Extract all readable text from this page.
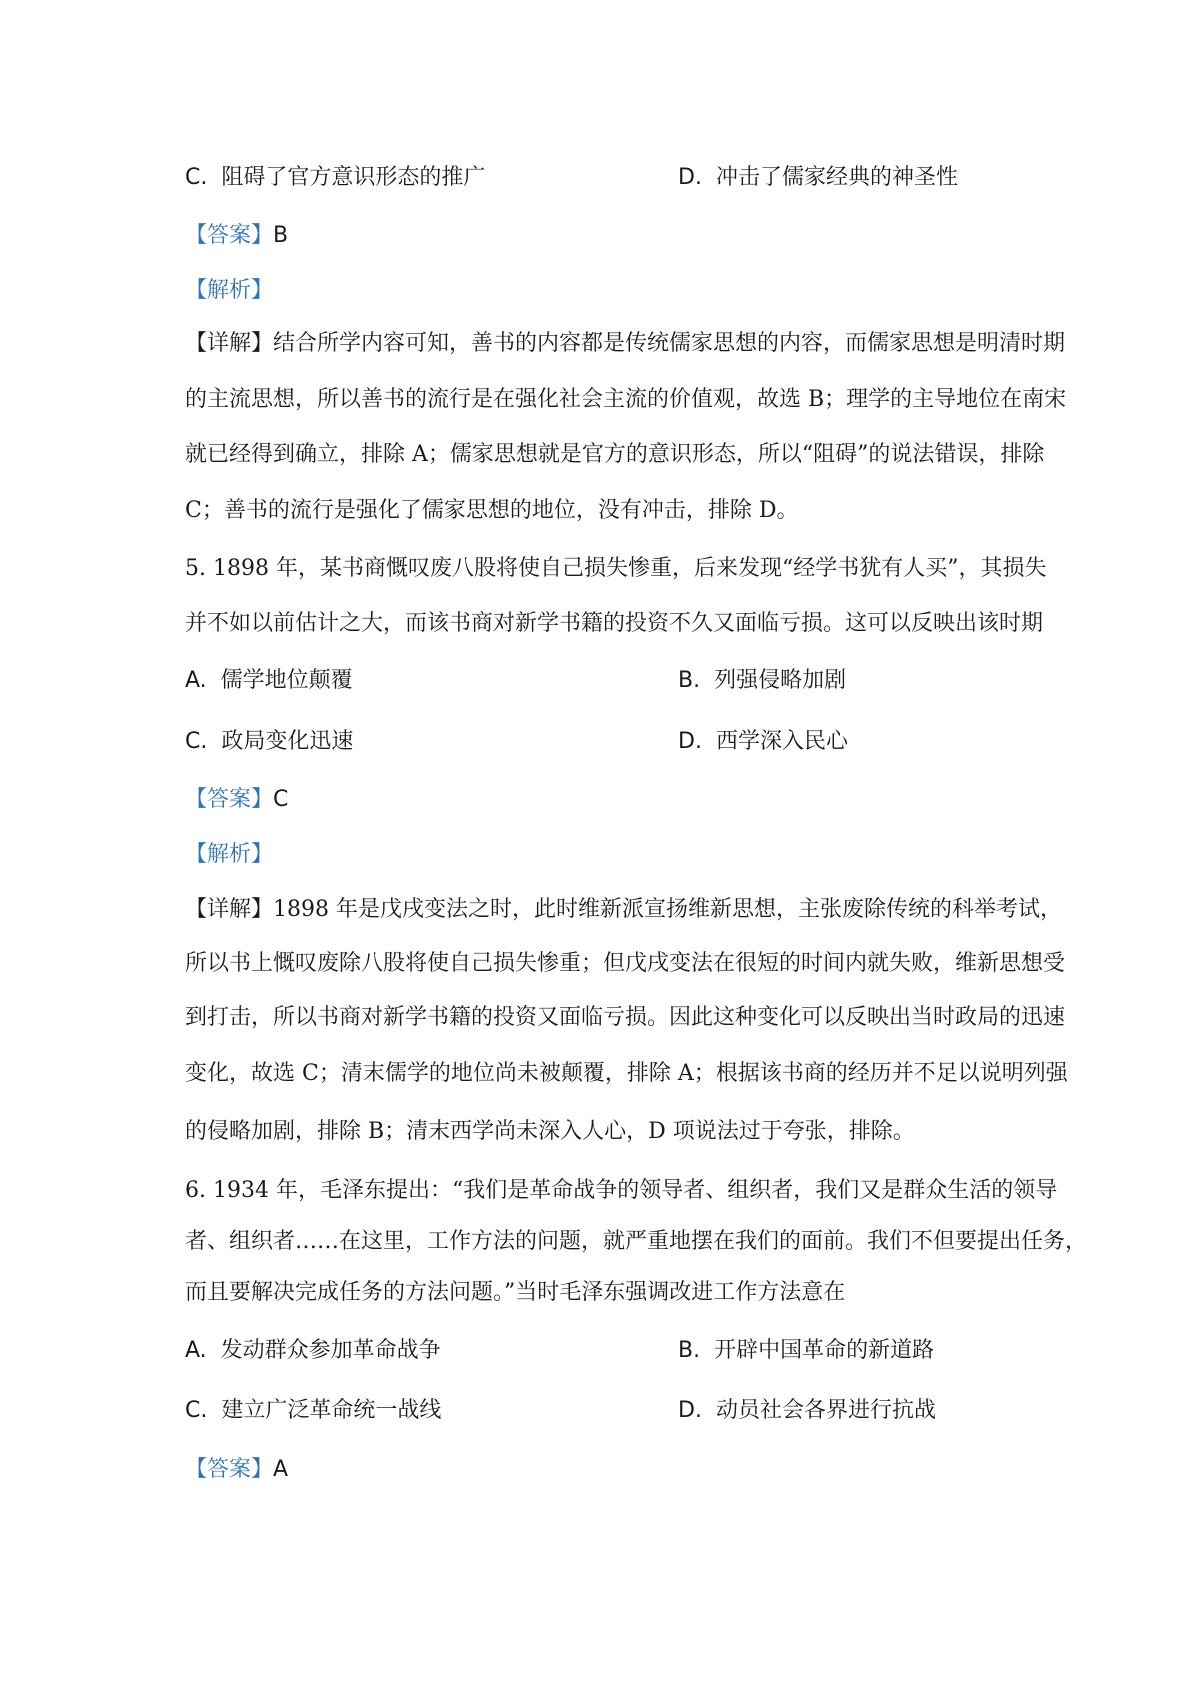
C. 阻碍了官方意识形态的推广	D. 冲击了儒家经典的神圣性
【答案】B
【解析】
【详解】结合所学内容可知，善书的内容都是传统儒家思想的内容，而儒家思想是明清时期
的主流思想，所以善书的流行是在强化社会主流的价值观，故选 B；理学的主导地位在南宋
就已经得到确立，排除 A；儒家思想就是官方的意识形态，所以“阻碍”的说法错误，排除
C；善书的流行是强化了儒家思想的地位，没有冲击，排除 D。
5. 1898 年，某书商慨叹废八股将使自己损失惨重，后来发现“经学书犹有人买”，其损失
并不如以前估计之大，而该书商对新学书籍的投资不久又面临亏损。这可以反映出该时期
A. 儒学地位颠覆	B. 列强侵略加剧
C. 政局变化迅速	D. 西学深入民心
【答案】C
【解析】
【详解】1898 年是戊戌变法之时，此时维新派宣扬维新思想，主张废除传统的科举考试，
所以书上慨叹废除八股将使自己损失惨重；但戊戌变法在很短的时间内就失败，维新思想受
到打击，所以书商对新学书籍的投资又面临亏损。因此这种变化可以反映出当时政局的迅速
变化，故选 C；清末儒学的地位尚未被颠覆，排除 A；根据该书商的经历并不足以说明列强
的侵略加剧，排除 B；清末西学尚未深入人心，D 项说法过于夸张，排除。
6. 1934 年，毛泽东提出：“我们是革命战争的领导者、组织者，我们又是群众生活的领导
者、组织者……在这里，工作方法的问题，就严重地摆在我们的面前。我们不但要提出任务，
而且要解决完成任务的方法问题。”当时毛泽东强调改进工作方法意在
A. 发动群众参加革命战争	B. 开辟中国革命的新道路
C. 建立广泛革命统一战线	D. 动员社会各界进行抗战
【答案】A
